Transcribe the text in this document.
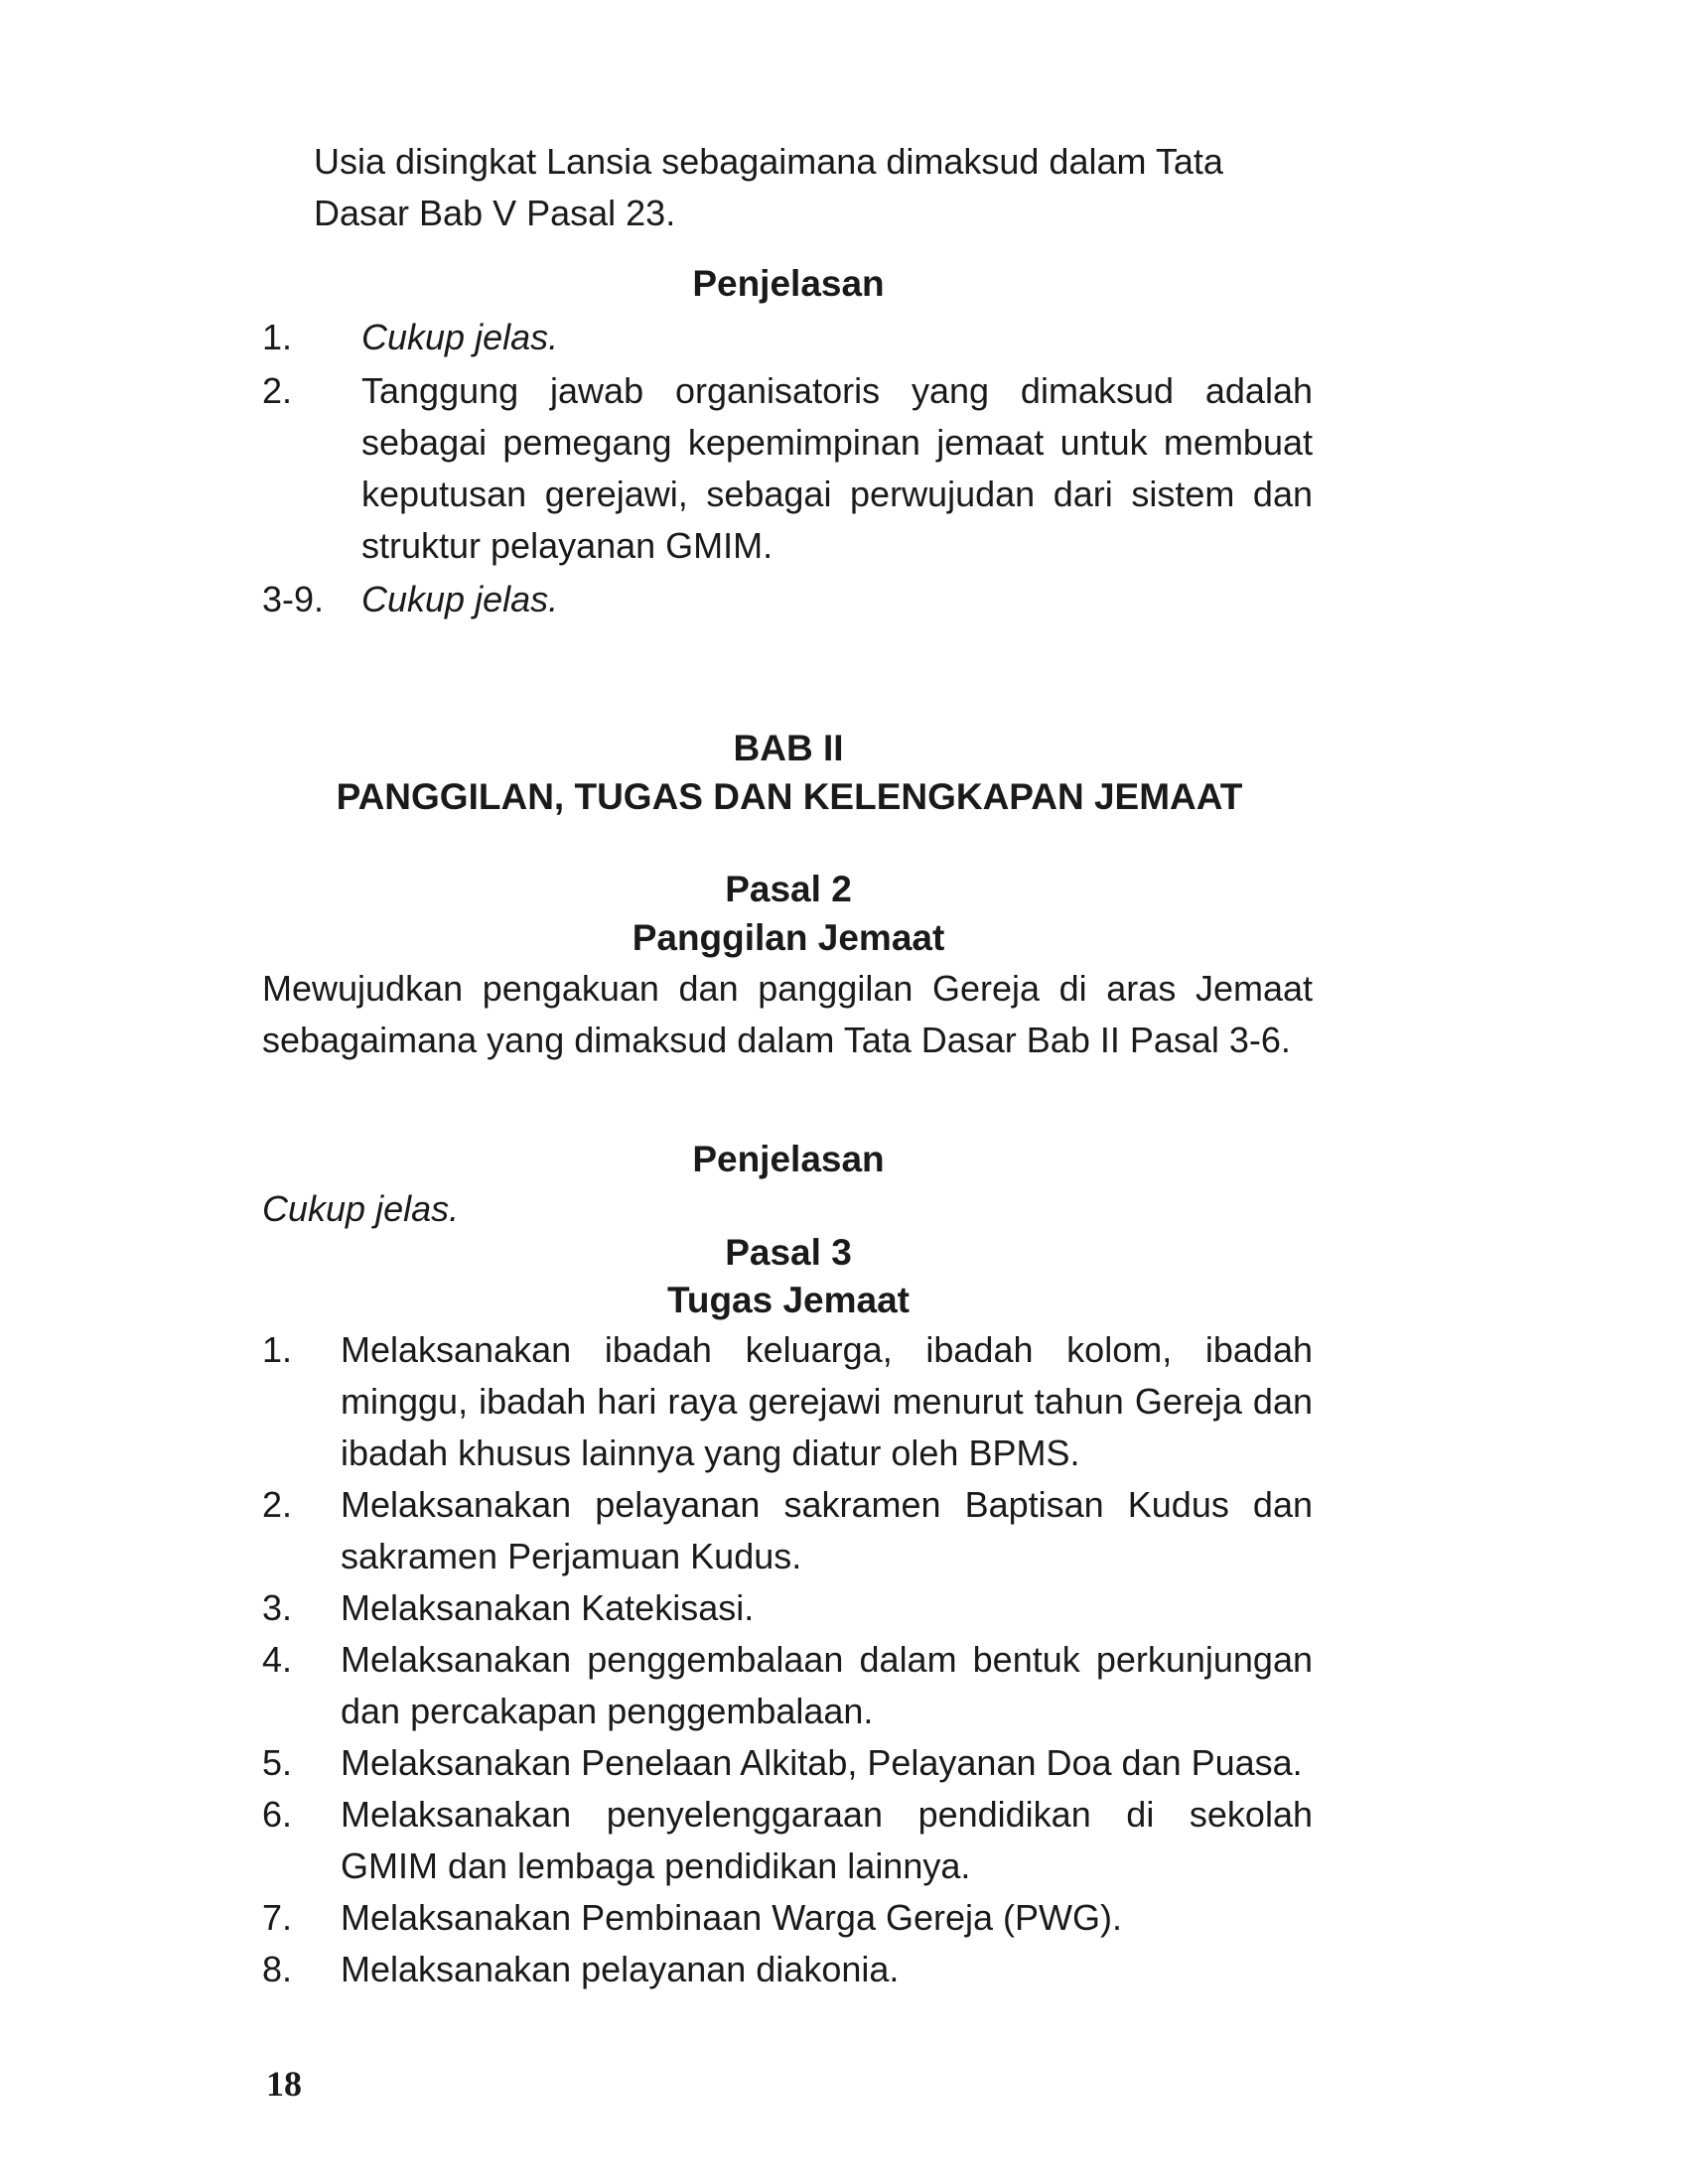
Usia disingkat Lansia sebagaimana dimaksud dalam Tata Dasar Bab V Pasal 23.
Penjelasan
1. Cukup jelas.
2. Tanggung jawab organisatoris yang dimaksud adalah sebagai pemegang kepemimpinan jemaat untuk membuat keputusan gerejawi, sebagai perwujudan dari sistem dan struktur pelayanan GMIM.
3-9. Cukup jelas.
BAB II
PANGGILAN, TUGAS DAN KELENGKAPAN JEMAAT
Pasal 2
Panggilan Jemaat
Mewujudkan pengakuan dan panggilan Gereja di aras Jemaat sebagaimana yang dimaksud dalam Tata Dasar Bab II Pasal 3-6.
Penjelasan
Cukup jelas.
Pasal 3
Tugas Jemaat
1. Melaksanakan ibadah keluarga, ibadah kolom, ibadah minggu, ibadah hari raya gerejawi menurut tahun Gereja dan ibadah khusus lainnya yang diatur oleh BPMS.
2. Melaksanakan pelayanan sakramen Baptisan Kudus dan sakramen Perjamuan Kudus.
3. Melaksanakan Katekisasi.
4. Melaksanakan penggembalaan dalam bentuk perkunjungan dan percakapan penggembalaan.
5. Melaksanakan Penelaan Alkitab, Pelayanan Doa dan Puasa.
6. Melaksanakan penyelenggaraan pendidikan di sekolah GMIM dan lembaga pendidikan lainnya.
7. Melaksanakan Pembinaan Warga Gereja (PWG).
8. Melaksanakan pelayanan diakonia.
18
